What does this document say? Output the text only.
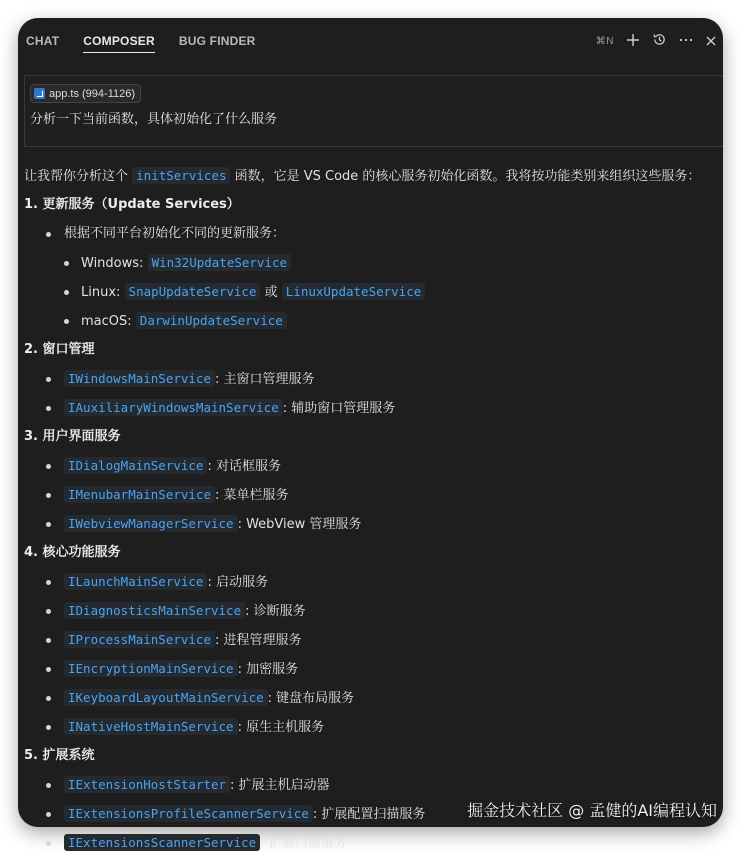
CHAT COMPOSER BUG FINDER	⌘N
app.ts (994-1126)
分析一下当前函数，具体初始化了什么服务
让我帮你分析这个 initServices 函数，它是 VS Code 的核心服务初始化函数。我将按功能类别来组织这些服务：
1. 更新服务（Update Services）
根据不同平台初始化不同的更新服务：
Windows: Win32UpdateService
Linux: SnapUpdateService 或 LinuxUpdateService
macOS: DarwinUpdateService
2. 窗口管理
IWindowsMainService : 主窗口管理服务
IAuxiliaryWindowsMainService : 辅助窗口管理服务
3. 用户界面服务
IDialogMainService : 对话框服务
IMenubarMainService : 菜单栏服务
IWebviewManagerService : WebView 管理服务
4. 核心功能服务
ILaunchMainService : 启动服务
IDiagnosticsMainService : 诊断服务
IProcessMainService : 进程管理服务
IEncryptionMainService : 加密服务
IKeyboardLayoutMainService : 键盘布局服务
INativeHostMainService : 原生主机服务
5. 扩展系统
IExtensionHostStarter : 扩展主机启动器
IExtensionsProfileScannerService : 扩展配置扫描服务
IExtensionsScannerService : 扩展扫描服务
掘金技术社区 @ 孟健的AI编程认知
